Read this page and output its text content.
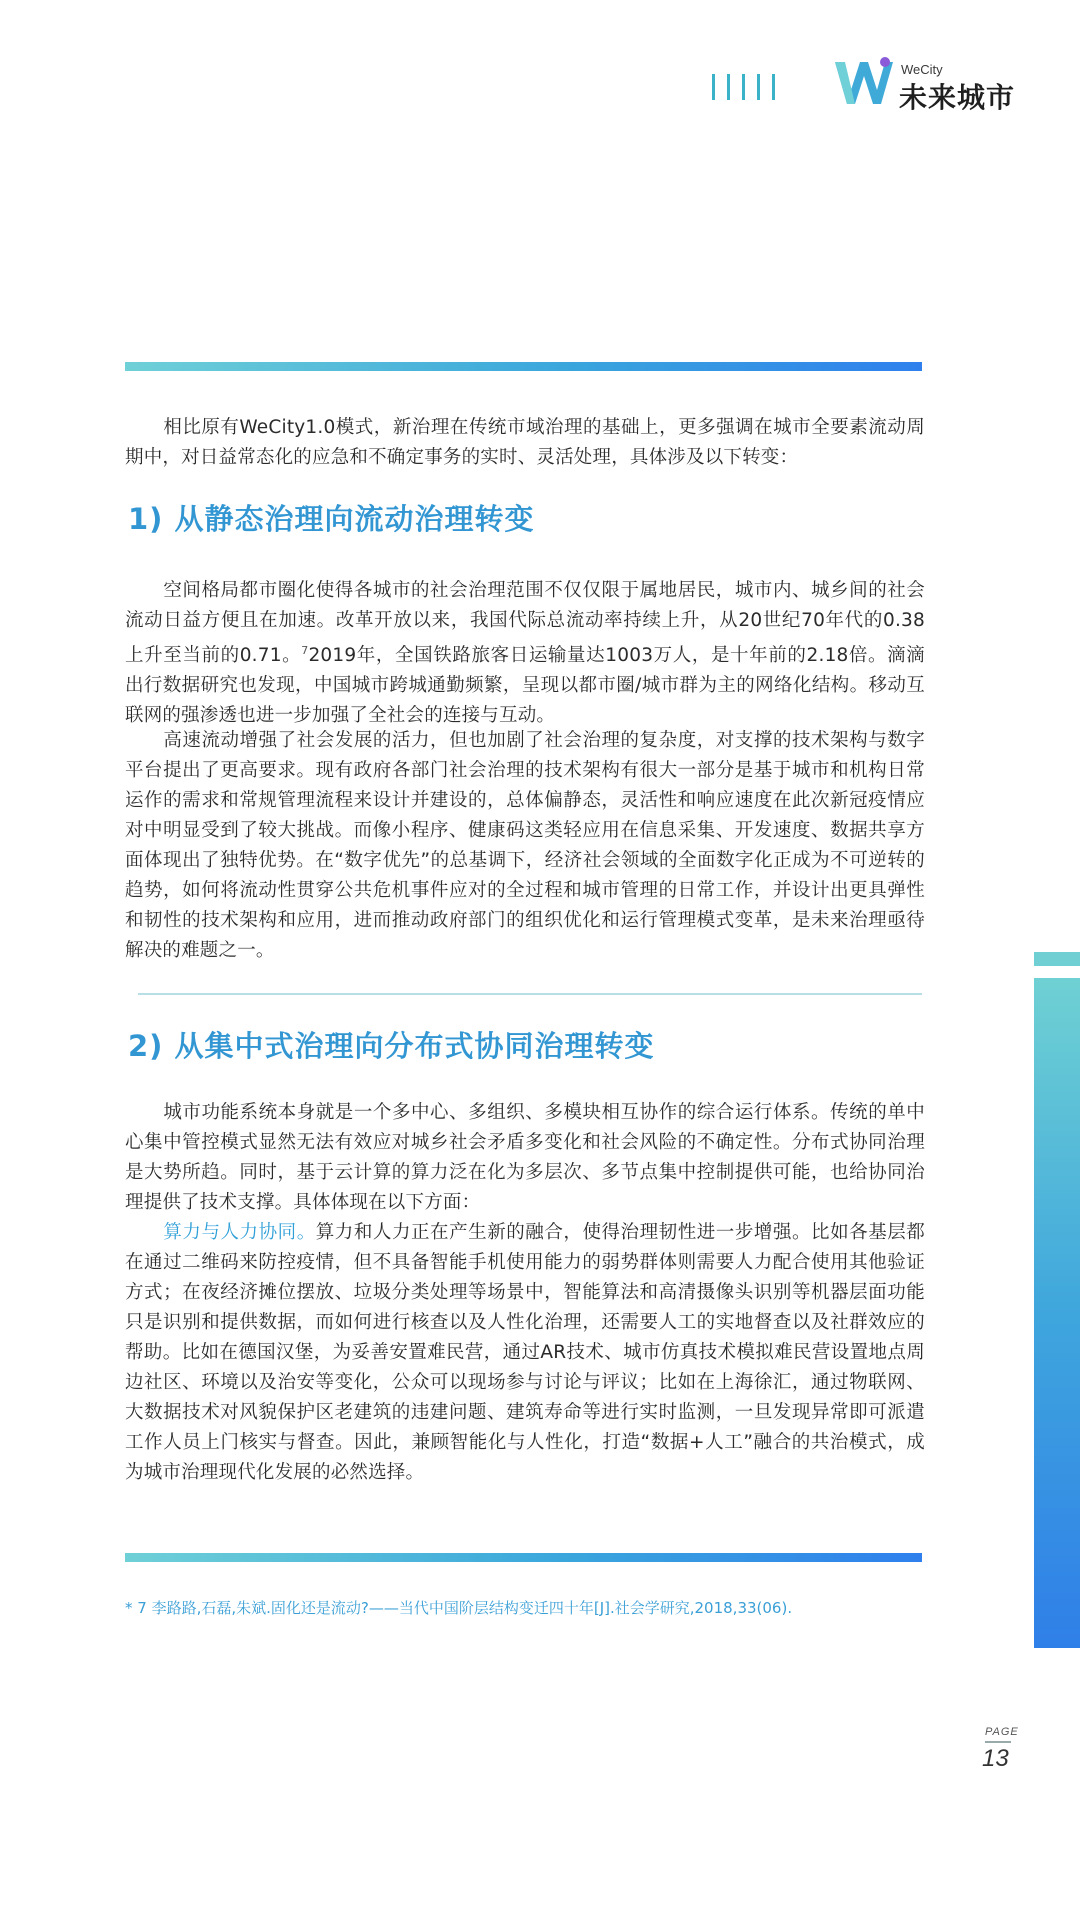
WeCity
未来城市
相比原有WeCity1.0模式，新治理在传统市域治理的基础上，更多强调在城市全要素流动周期中，对日益常态化的应急和不确定事务的实时、灵活处理，具体涉及以下转变：
1) 从静态治理向流动治理转变
空间格局都市圈化使得各城市的社会治理范围不仅仅限于属地居民，城市内、城乡间的社会流动日益方便且在加速。改革开放以来，我国代际总流动率持续上升，从20世纪70年代的0.38上升至当前的0.71。$^7$2019年，全国铁路旅客日运输量达1003万人，是十年前的2.18倍。滴滴出行数据研究也发现，中国城市跨城通勤频繁，呈现以都市圈/城市群为主的网络化结构。移动互联网的强渗透也进一步加强了全社会的连接与互动。
高速流动增强了社会发展的活力，但也加剧了社会治理的复杂度，对支撑的技术架构与数字平台提出了更高要求。现有政府各部门社会治理的技术架构有很大一部分是基于城市和机构日常运作的需求和常规管理流程来设计并建设的，总体偏静态，灵活性和响应速度在此次新冠疫情应对中明显受到了较大挑战。而像小程序、健康码这类轻应用在信息采集、开发速度、数据共享方面体现出了独特优势。在“数字优先”的总基调下，经济社会领域的全面数字化正成为不可逆转的趋势，如何将流动性贯穿公共危机事件应对的全过程和城市管理的日常工作，并设计出更具弹性和韧性的技术架构和应用，进而推动政府部门的组织优化和运行管理模式变革，是未来治理亟待解决的难题之一。
2) 从集中式治理向分布式协同治理转变
城市功能系统本身就是一个多中心、多组织、多模块相互协作的综合运行体系。传统的单中心集中管控模式显然无法有效应对城乡社会矛盾多变化和社会风险的不确定性。分布式协同治理是大势所趋。同时，基于云计算的算力泛在化为多层次、多节点集中控制提供可能，也给协同治理提供了技术支撑。具体体现在以下方面：
算力与人力协同。算力和人力正在产生新的融合，使得治理韧性进一步增强。比如各基层都在通过二维码来防控疫情，但不具备智能手机使用能力的弱势群体则需要人力配合使用其他验证方式；在夜经济摊位摆放、垃圾分类处理等场景中，智能算法和高清摄像头识别等机器层面功能只是识别和提供数据，而如何进行核查以及人性化治理，还需要人工的实地督查以及社群效应的帮助。比如在德国汉堡，为妥善安置难民营，通过AR技术、城市仿真技术模拟难民营设置地点周边社区、环境以及治安等变化，公众可以现场参与讨论与评议；比如在上海徐汇，通过物联网、大数据技术对风貌保护区老建筑的违建问题、建筑寿命等进行实时监测，一旦发现异常即可派遣工作人员上门核实与督查。因此，兼顾智能化与人性化，打造“数据+人工”融合的共治模式，成为城市治理现代化发展的必然选择。
* 7 李路路,石磊,朱斌.固化还是流动?——当代中国阶层结构变迁四十年[J].社会学研究,2018,33(06).
PAGE
13
